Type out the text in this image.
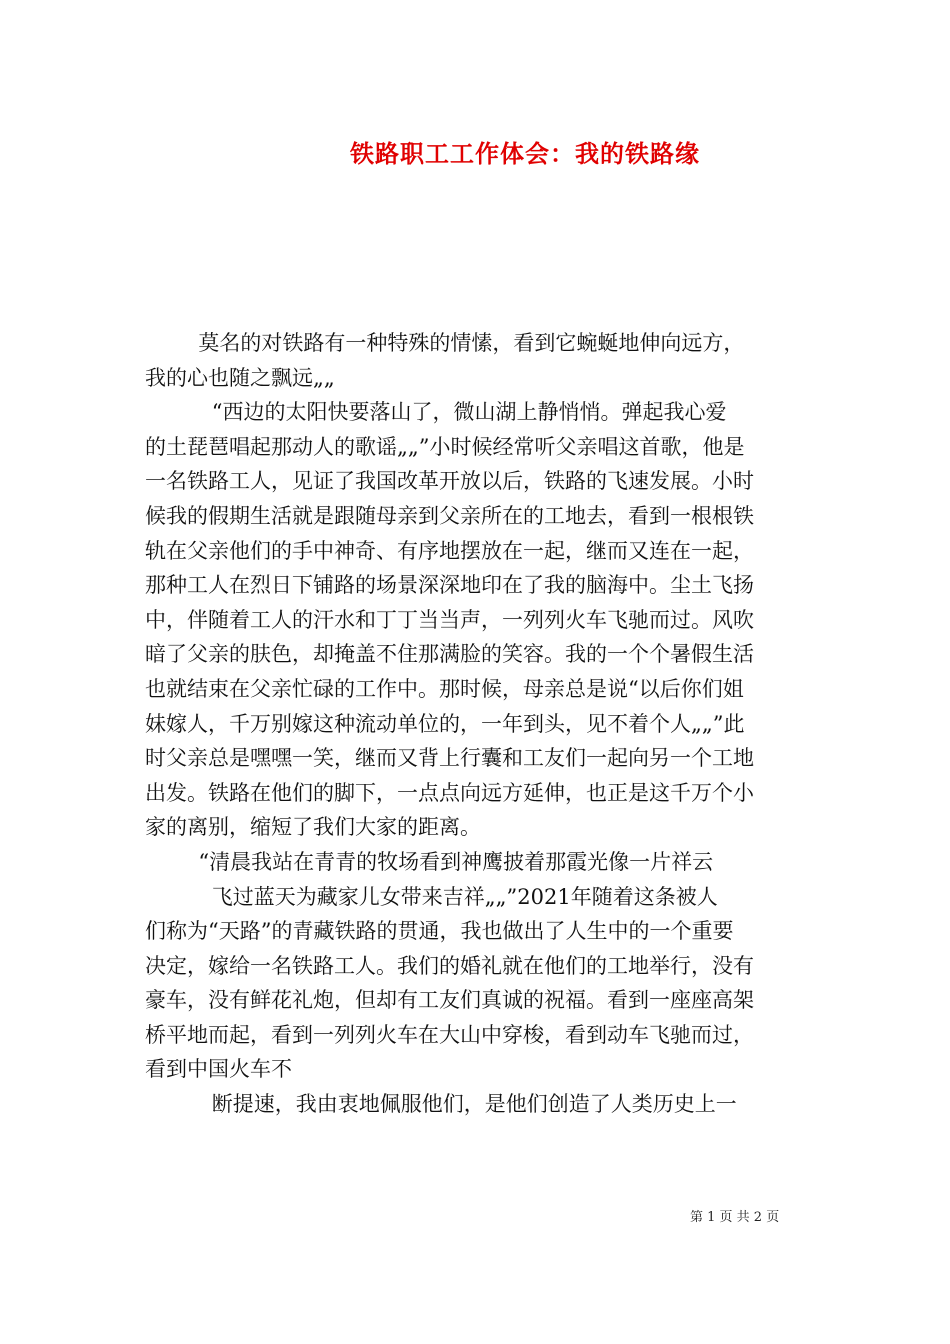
铁路职工工作体会：我的铁路缘
莫名的对铁路有一种特殊的情愫，看到它蜿蜒地伸向远方，
我的心也随之飘远„„
“西边的太阳快要落山了，微山湖上静悄悄。弹起我心爱
的土琵琶唱起那动人的歌谣„„”小时候经常听父亲唱这首歌，他是
一名铁路工人，见证了我国改革开放以后，铁路的飞速发展。小时
候我的假期生活就是跟随母亲到父亲所在的工地去，看到一根根铁
轨在父亲他们的手中神奇、有序地摆放在一起，继而又连在一起，
那种工人在烈日下铺路的场景深深地印在了我的脑海中。尘土飞扬
中，伴随着工人的汗水和丁丁当当声，一列列火车飞驰而过。风吹
暗了父亲的肤色，却掩盖不住那满脸的笑容。我的一个个暑假生活
也就结束在父亲忙碌的工作中。那时候，母亲总是说“以后你们姐
妹嫁人，千万别嫁这种流动单位的，一年到头，见不着个人„„”此
时父亲总是嘿嘿一笑，继而又背上行囊和工友们一起向另一个工地
出发。铁路在他们的脚下，一点点向远方延伸，也正是这千万个小
家的离别，缩短了我们大家的距离。
“清晨我站在青青的牧场看到神鹰披着那霞光像一片祥云
飞过蓝天为藏家儿女带来吉祥„„”2021年随着这条被人
们称为“天路”的青藏铁路的贯通，我也做出了人生中的一个重要
决定，嫁给一名铁路工人。我们的婚礼就在他们的工地举行，没有
豪车，没有鲜花礼炮，但却有工友们真诚的祝福。看到一座座高架
桥平地而起，看到一列列火车在大山中穿梭，看到动车飞驰而过，
看到中国火车不
断提速，我由衷地佩服他们，是他们创造了人类历史上一
第 1 页 共 2 页
